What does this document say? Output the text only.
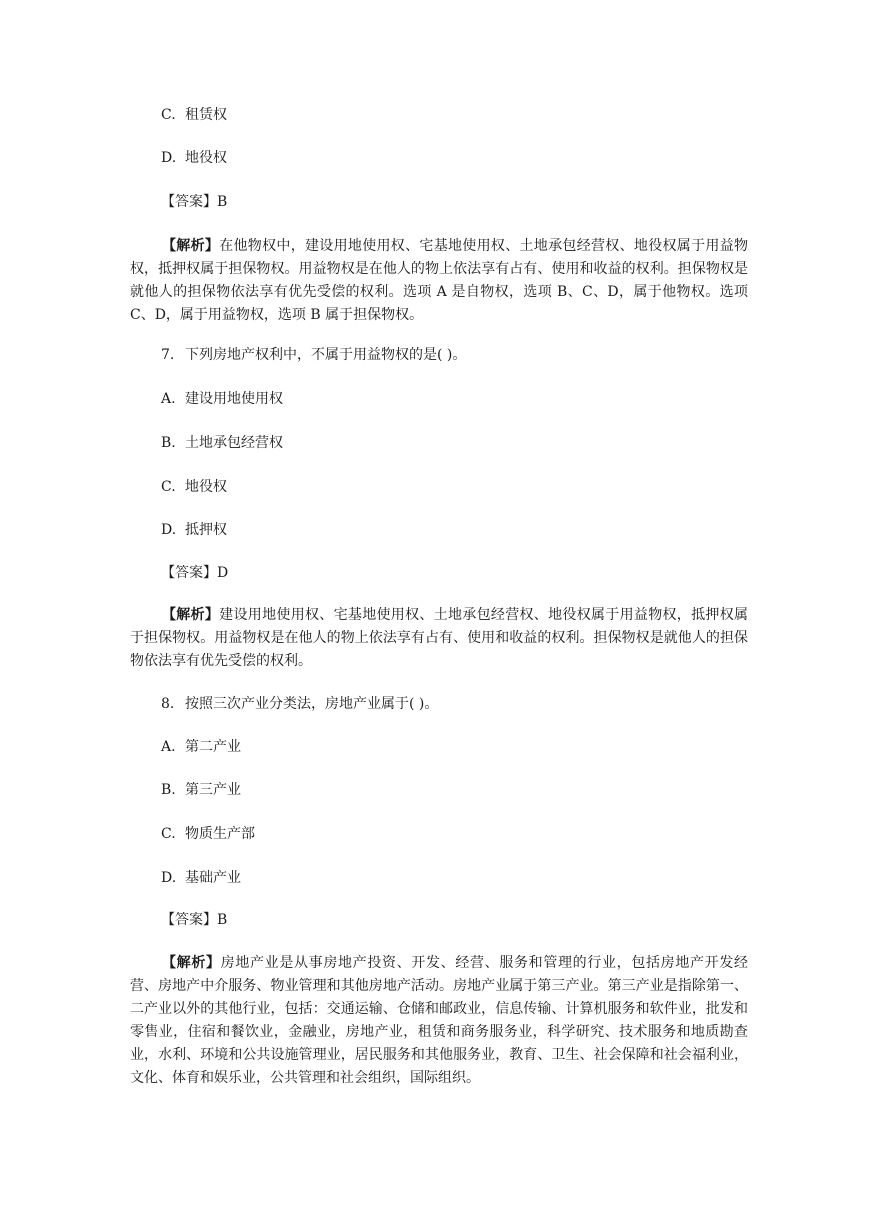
C. 租赁权
D. 地役权
【答案】B
【解析】在他物权中，建设用地使用权、宅基地使用权、土地承包经营权、地役权属于用益物权，抵押权属于担保物权。用益物权是在他人的物上依法享有占有、使用和收益的权利。担保物权是就他人的担保物依法享有优先受偿的权利。选项 A 是自物权，选项 B、C、D，属于他物权。选项 C、D，属于用益物权，选项 B 属于担保物权。
7. 下列房地产权利中，不属于用益物权的是( )。
A. 建设用地使用权
B. 土地承包经营权
C. 地役权
D. 抵押权
【答案】D
【解析】建设用地使用权、宅基地使用权、土地承包经营权、地役权属于用益物权，抵押权属于担保物权。用益物权是在他人的物上依法享有占有、使用和收益的权利。担保物权是就他人的担保物依法享有优先受偿的权利。
8. 按照三次产业分类法，房地产业属于( )。
A. 第二产业
B. 第三产业
C. 物质生产部
D. 基础产业
【答案】B
【解析】房地产业是从事房地产投资、开发、经营、服务和管理的行业，包括房地产开发经营、房地产中介服务、物业管理和其他房地产活动。房地产业属于第三产业。第三产业是指除第一、二产业以外的其他行业，包括：交通运输、仓储和邮政业，信息传输、计算机服务和软件业，批发和零售业，住宿和餐饮业，金融业，房地产业，租赁和商务服务业，科学研究、技术服务和地质勘查业，水利、环境和公共设施管理业，居民服务和其他服务业，教育、卫生、社会保障和社会福利业，文化、体育和娱乐业，公共管理和社会组织，国际组织。
